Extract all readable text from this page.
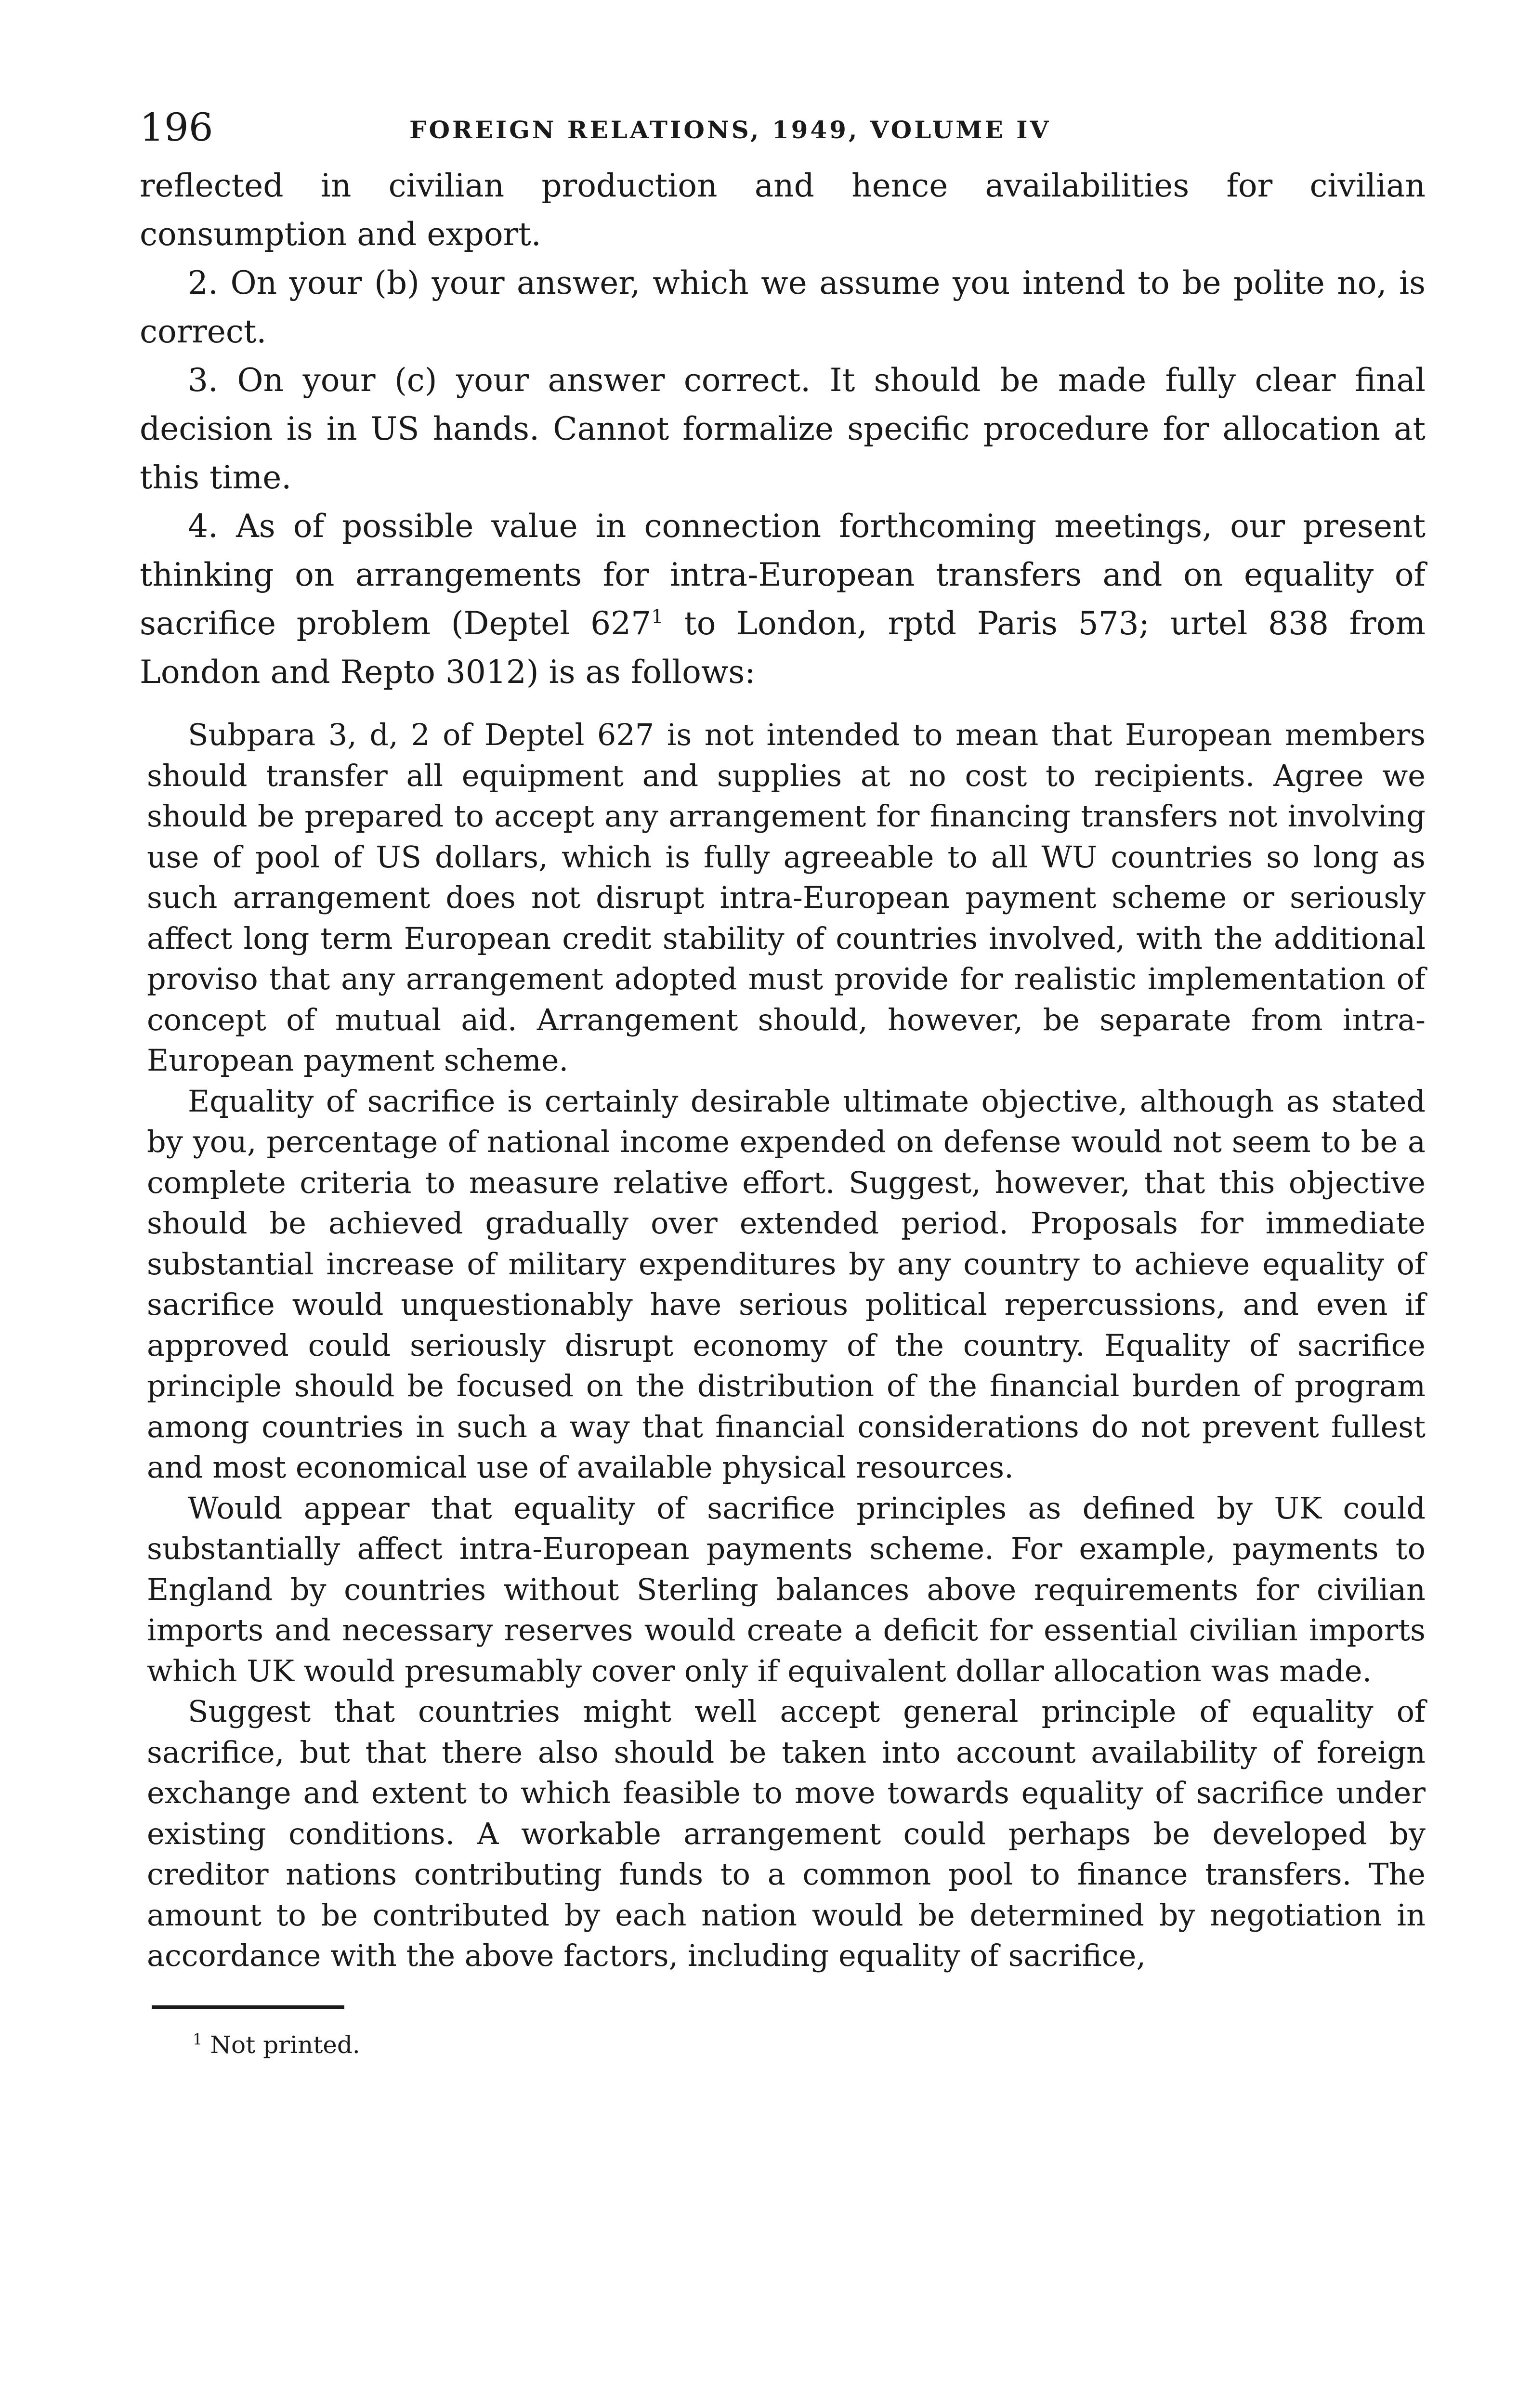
196	FOREIGN RELATIONS, 1949, VOLUME IV

reflected in civilian production and hence availabilities for civilian consumption and export.

2. On your (b) your answer, which we assume you intend to be polite no, is correct.

3. On your (c) your answer correct. It should be made fully clear final decision is in US hands. Cannot formalize specific procedure for allocation at this time.

4. As of possible value in connection forthcoming meetings, our present thinking on arrangements for intra-European transfers and on equality of sacrifice problem (Deptel 627$^1$ to London, rptd Paris 573; urtel 838 from London and Repto 3012) is as follows:

Subpara 3, d, 2 of Deptel 627 is not intended to mean that European members should transfer all equipment and supplies at no cost to recipients. Agree we should be prepared to accept any arrangement for financing transfers not involving use of pool of US dollars, which is fully agreeable to all WU countries so long as such arrangement does not disrupt intra-European payment scheme or seriously affect long term European credit stability of countries involved, with the additional proviso that any arrangement adopted must provide for realistic implementation of concept of mutual aid. Arrangement should, however, be separate from intra-European payment scheme.

Equality of sacrifice is certainly desirable ultimate objective, although as stated by you, percentage of national income expended on defense would not seem to be a complete criteria to measure relative effort. Suggest, however, that this objective should be achieved gradually over extended period. Proposals for immediate substantial increase of military expenditures by any country to achieve equality of sacrifice would unquestionably have serious political repercussions, and even if approved could seriously disrupt economy of the country. Equality of sacrifice principle should be focused on the distribution of the financial burden of program among countries in such a way that financial considerations do not prevent fullest and most economical use of available physical resources.

Would appear that equality of sacrifice principles as defined by UK could substantially affect intra-European payments scheme. For example, payments to England by countries without Sterling balances above requirements for civilian imports and necessary reserves would create a deficit for essential civilian imports which UK would presumably cover only if equivalent dollar allocation was made.

Suggest that countries might well accept general principle of equality of sacrifice, but that there also should be taken into account availability of foreign exchange and extent to which feasible to move towards equality of sacrifice under existing conditions. A workable arrangement could perhaps be developed by creditor nations contributing funds to a common pool to finance transfers. The amount to be contributed by each nation would be determined by negotiation in accordance with the above factors, including equality of sacrifice,

$^1$ Not printed.
